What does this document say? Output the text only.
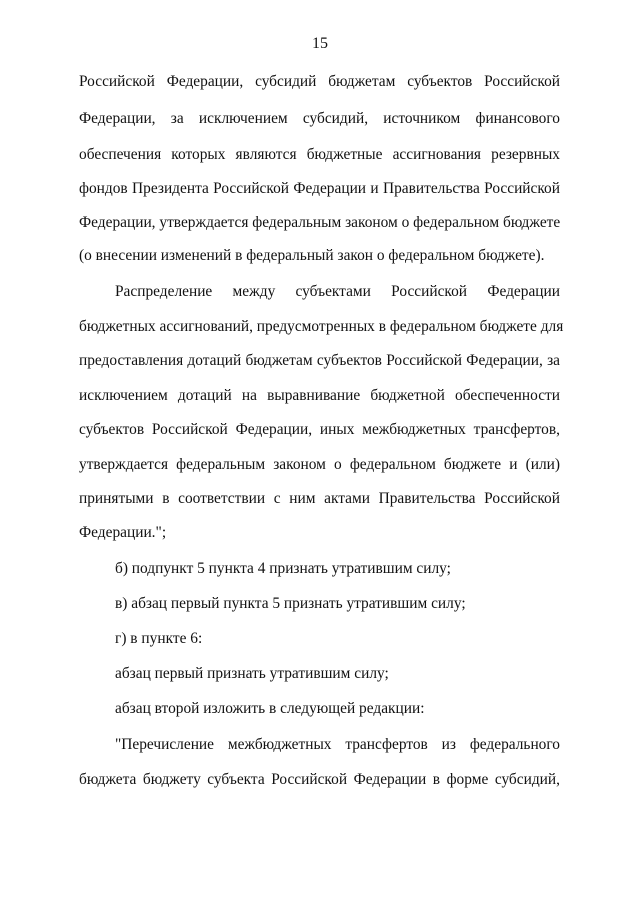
15
Российской Федерации, субсидий бюджетам субъектов Российской
Федерации, за исключением субсидий, источником финансового
обеспечения которых являются бюджетные ассигнования резервных
фондов Президента Российской Федерации и Правительства Российской
Федерации, утверждается федеральным законом о федеральном бюджете
(о внесении изменений в федеральный закон о федеральном бюджете).
Распределение между субъектами Российской Федерации
бюджетных ассигнований, предусмотренных в федеральном бюджете для
предоставления дотаций бюджетам субъектов Российской Федерации, за
исключением дотаций на выравнивание бюджетной обеспеченности
субъектов Российской Федерации, иных межбюджетных трансфертов,
утверждается федеральным законом о федеральном бюджете и (или)
принятыми в соответствии с ним актами Правительства Российской
Федерации.";
б) подпункт 5 пункта 4 признать утратившим силу;
в) абзац первый пункта 5 признать утратившим силу;
г) в пункте 6:
абзац первый признать утратившим силу;
абзац второй изложить в следующей редакции:
"Перечисление межбюджетных трансфертов из федерального
бюджета бюджету субъекта Российской Федерации в форме субсидий,
